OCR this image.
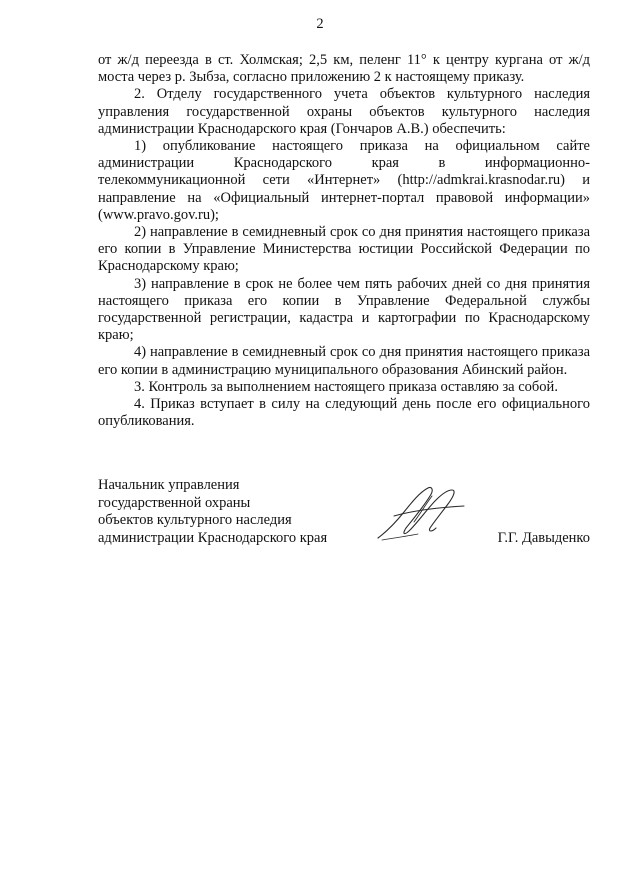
2

от ж/д переезда в ст. Холмская; 2,5 км, пеленг 11° к центру кургана от ж/д моста через р. Зыбза, согласно приложению 2 к настоящему приказу.

2. Отделу государственного учета объектов культурного наследия управления государственной охраны объектов культурного наследия администрации Краснодарского края (Гончаров А.В.) обеспечить:

1) опубликование настоящего приказа на официальном сайте администрации Краснодарского края в информационно-телекоммуникационной сети «Интернет» (http://admkrai.krasnodar.ru) и направление на «Официальный интернет-портал правовой информации» (www.pravo.gov.ru);

2) направление в семидневный срок со дня принятия настоящего приказа его копии в Управление Министерства юстиции Российской Федерации по Краснодарскому краю;

3) направление в срок не более чем пять рабочих дней со дня принятия настоящего приказа его копии в Управление Федеральной службы государственной регистрации, кадастра и картографии по Краснодарскому краю;

4) направление в семидневный срок со дня принятия настоящего приказа его копии в администрацию муниципального образования Абинский район.

3. Контроль за выполнением настоящего приказа оставляю за собой.

4. Приказ вступает в силу на следующий день после его официального опубликования.

Начальник управления
государственной охраны
объектов культурного наследия
администрации Краснодарского края	Г.Г. Давыденко
